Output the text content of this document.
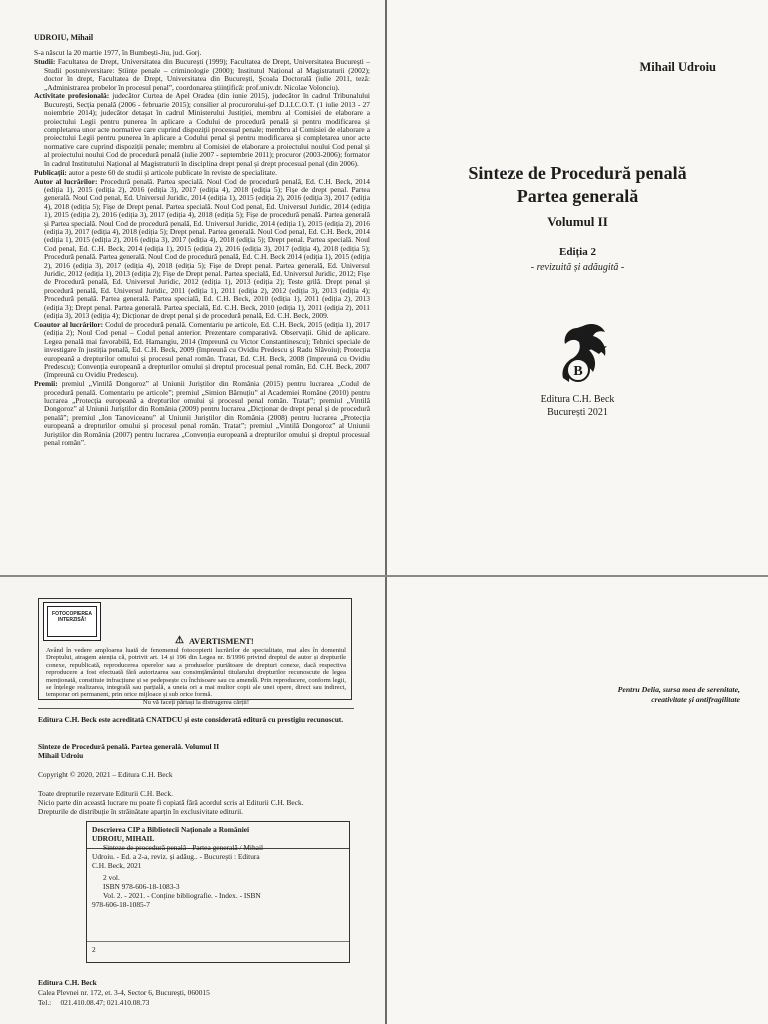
UDROIU, Mihail

S-a născut la 20 martie 1977, în Bumbești-Jiu, jud. Gorj.

Studii: Facultatea de Drept, Universitatea din București (1999); Facultatea de Drept, Universitatea București – Studii postuniversitare: Științe penale – criminologie (2000); Institutul Național al Magistraturii (2002); doctor în drept, Facultatea de Drept, Universitatea din București, Școala Doctorală (iulie 2011, teză: „Administrarea probelor în procesul penal”, coordonarea științifică: prof.univ.dr. Nicolae Volonciu).

Activitate profesională: judecător Curtea de Apel Oradea (din iunie 2015), judecător în cadrul Tribunalului București, Secția penală (2006 - februarie 2015); consilier al procurorului-șef D.I.I.C.O.T. (1 iulie 2013 - 27 noiembrie 2014); judecător detașat în cadrul Ministerului Justiției, membru al Comisiei de elaborare a proiectului Legii pentru punerea în aplicare a Codului de procedură penală și pentru modificarea și completarea unor acte normative care cuprind dispoziții procesual penale; membru al Comisiei de elaborare a proiectului Legii pentru punerea în aplicare a Codului penal și pentru modificarea și completarea unor acte normative care cuprind dispoziții penale; membru al Comisiei de elaborare a proiectului noului Cod penal și al proiectului noului Cod de procedură penală (iulie 2007 - septembrie 2011); procuror (2003-2006); formator în cadrul Institutului Național al Magistraturii în disciplina drept penal și drept procesual penal (din 2006).

Publicații: autor a peste 60 de studii și articole publicate în reviste de specialitate.

Autor al lucrărilor: Procedură penală. Partea specială. Noul Cod de procedură penală, Ed. C.H. Beck, 2014 (ediția 1), 2015 (ediția 2), 2016 (ediția 3), 2017 (ediția 4), 2018 (ediția 5); Fișe de drept penal. Partea generală. Noul Cod penal, Ed. Universul Juridic, 2014 (ediția 1), 2015 (ediția 2), 2016 (ediția 3), 2017 (ediția 4), 2018 (ediția 5); Fișe de Drept penal. Partea specială. Noul Cod penal, Ed. Universul Juridic, 2014 (ediția 1), 2015 (ediția 2), 2016 (ediția 3), 2017 (ediția 4), 2018 (ediția 5); Fișe de procedură penală. Partea generală și Partea specială. Noul Cod de procedură penală, Ed. Universul Juridic, 2014 (ediția 1), 2015 (ediția 2), 2016 (ediția 3), 2017 (ediția 4), 2018 (ediția 5); Drept penal. Partea generală. Noul Cod penal, Ed. C.H. Beck, 2014 (ediția 1), 2015 (ediția 2), 2016 (ediția 3), 2017 (ediția 4), 2018 (ediția 5); Drept penal. Partea specială. Noul Cod penal, Ed. C.H. Beck, 2014 (ediția 1), 2015 (ediția 2), 2016 (ediția 3), 2017 (ediția 4), 2018 (ediția 5); Procedură penală. Partea generală. Noul Cod de procedură penală, Ed. C.H. Beck 2014 (ediția 1), 2015 (ediția 2), 2016 (ediția 3), 2017 (ediția 4), 2018 (ediția 5); Fișe de Drept penal. Partea generală, Ed. Universul Juridic, 2012 (ediția 1), 2013 (ediția 2); Fișe de Drept penal. Partea specială, Ed. Universul Juridic, 2012; Fișe de Procedură penală, Ed. Universul Juridic, 2012 (ediția 1), 2013 (ediția 2); Teste grilă. Drept penal și procedură penală, Ed. Universul Juridic, 2011 (ediția 1), 2011 (ediția 2), 2012 (ediția 3), 2013 (ediția 4); Procedură penală. Partea generală. Partea specială, Ed. C.H. Beck, 2010 (ediția 1), 2011 (ediția 2), 2013 (ediția 3); Drept penal. Partea generală. Partea specială, Ed. C.H. Beck, 2010 (ediția 1), 2011 (ediția 2), 2011 (ediția 3), 2013 (ediția 4); Dicționar de drept penal și de procedură penală, Ed. C.H. Beck, 2009.

Coautor al lucrărilor: Codul de procedură penală. Comentariu pe articole, Ed. C.H. Beck, 2015 (ediția 1), 2017 (ediția 2); Noul Cod penal – Codul penal anterior. Prezentare comparativă. Observații. Ghid de aplicare. Legea penală mai favorabilă, Ed. Hamangiu, 2014 (împreună cu Victor Constantinescu); Tehnici speciale de investigare în justiția penală, Ed. C.H. Beck, 2009 (împreună cu Ovidiu Predescu și Radu Slăvoiu); Protecția europeană a drepturilor omului și procesul penal român. Tratat, Ed. C.H. Beck, 2008 (împreună cu Ovidiu Predescu); Convenția europeană a drepturilor omului și dreptul procesual penal român, Ed. C.H. Beck, 2007 (împreună cu Ovidiu Predescu).

Premii: premiul „Vintilă Dongoroz” al Uniunii Juriștilor din România (2015) pentru lucrarea „Codul de procedură penală. Comentariu pe articole”; premiul „Simion Bărnuțiu” al Academiei Române (2010) pentru lucrarea „Protecția europeană a drepturilor omului și procesul penal român. Tratat”; premiul „Vintilă Dongoroz” al Uniunii Juriștilor din România (2009) pentru lucrarea „Dicționar de drept penal și de procedură penală”; premiul „Ion Tanoviceanu” al Uniunii Juriștilor din România (2008) pentru lucrarea „Protecția europeană a drepturilor omului și procesul penal român. Tratat”; premiul „Vintilă Dongoroz” al Uniunii Juriștilor din România (2007) pentru lucrarea „Convenția europeană a drepturilor omului și dreptul procesual penal român”.

Mihail Udroiu
Sinteze de Procedură penală
Partea generală
Volumul II
Ediția 2
- revizuită și adăugită -
B
Editura C.H. Beck
București 2021
FOTOCOPIEREA
INTERZISĂ!
⚠ AVERTISMENT!
Având în vedere amploarea luată de fenomenul fotocopierii lucrărilor de specialitate, mai ales în domeniul Dreptului, atragem atenția că, potrivit art. 14 și 196 din Legea nr. 8/1996 privind dreptul de autor și drepturile conexe, republicată, reproducerea operelor sau a produselor purtătoare de drepturi conexe, dacă respectiva reproducere a fost efectuată fără autorizarea sau consimțământul titularului drepturilor recunoscute de legea menționată, constituie infracțiune și se pedepsește cu închisoare sau cu amendă. Prin reproducere, conform legii, se înțelege realizarea, integrală sau parțială, a uneia ori a mai multor copii ale unei opere, direct sau indirect, temporar ori permanent, prin orice mijloace și sub orice formă.
Nu vă faceți părtași la distrugerea cărții!
Editura C.H. Beck este acreditată CNATDCU și este considerată editură cu prestigiu recunoscut.
Sinteze de Procedură penală. Partea generală. Volumul II
Mihail Udroiu
Copyright © 2020, 2021 – Editura C.H. Beck
Toate drepturile rezervate Editurii C.H. Beck.
Nicio parte din această lucrare nu poate fi copiată fără acordul scris al Editurii C.H. Beck.
Drepturile de distribuție în străinătate aparțin în exclusivitate editurii.
Descrierea CIP a Bibliotecii Naționale a României
UDROIU, MIHAIL
Sinteze de procedură penală - Partea generală / Mihail
Udroiu. - Ed. a 2-a, reviz. și adăug.. - București : Editura
C.H. Beck, 2021
2 vol.
ISBN 978-606-18-1083-3
Vol. 2. - 2021. - Conține bibliografie. - Index. - ISBN
978-606-18-1085-7
2
Editura C.H. Beck
Calea Plevnei nr. 172, et. 3-4, Sector 6, București, 060015
Tel.:     021.410.08.47; 021.410.08.73
Pentru Delia, sursa mea de serenitate,
creativitate și antifragilitate
